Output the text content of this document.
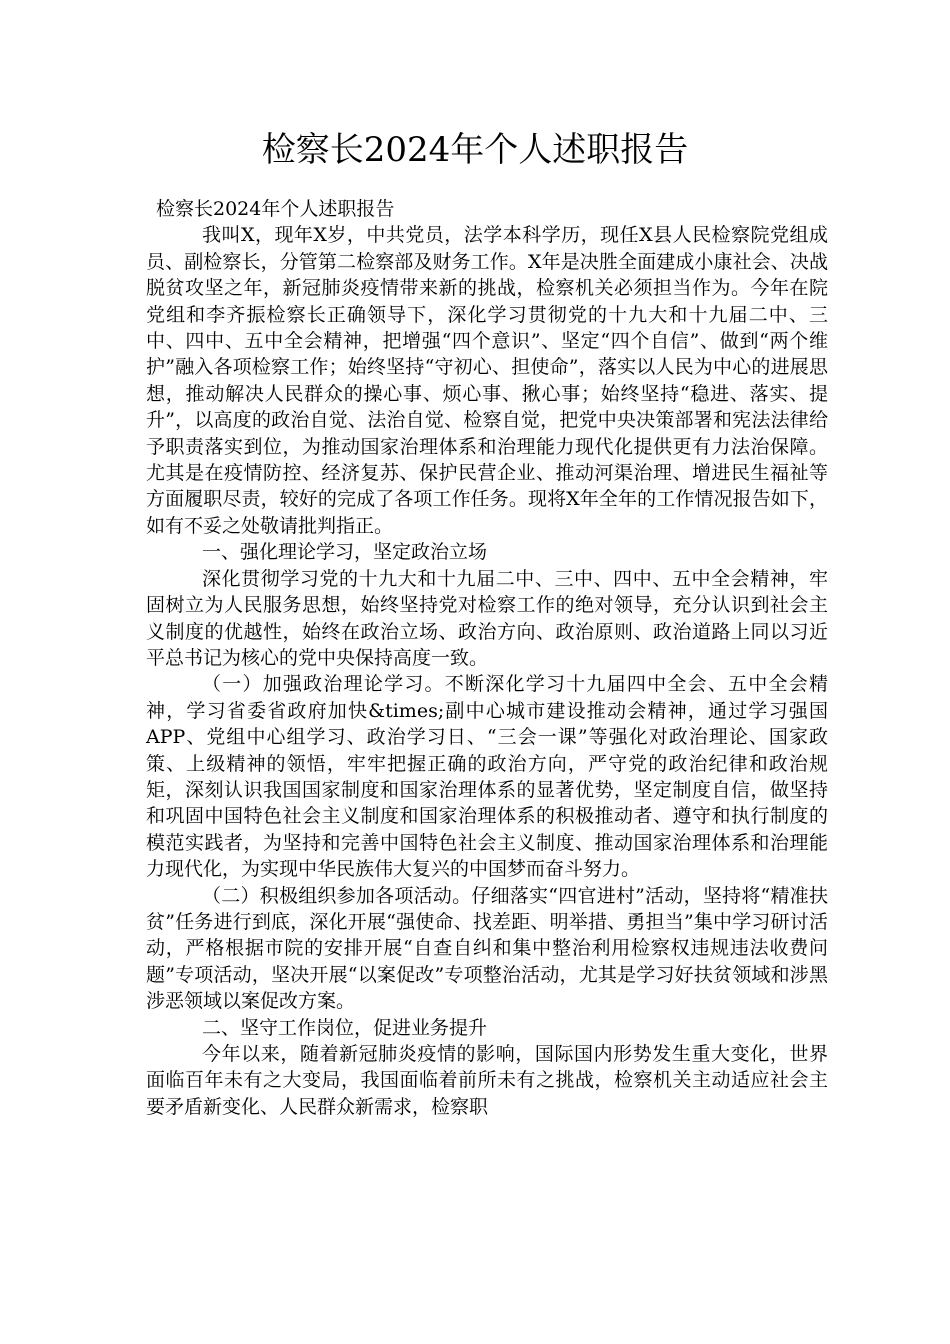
检察长2024年个人述职报告

检察长2024年个人述职报告

我叫X，现年X岁，中共党员，法学本科学历，现任X县人民检察院党组成员、副检察长，分管第二检察部及财务工作。X年是决胜全面建成小康社会、决战脱贫攻坚之年，新冠肺炎疫情带来新的挑战，检察机关必须担当作为。今年在院党组和李齐振检察长正确领导下，深化学习贯彻党的十九大和十九届二中、三中、四中、五中全会精神，把增强“四个意识”、坚定“四个自信”、做到“两个维护”融入各项检察工作；始终坚持“守初心、担使命”，落实以人民为中心的进展思想，推动解决人民群众的操心事、烦心事、揪心事；始终坚持“稳进、落实、提升”，以高度的政治自觉、法治自觉、检察自觉，把党中央决策部署和宪法法律给予职责落实到位，为推动国家治理体系和治理能力现代化提供更有力法治保障。尤其是在疫情防控、经济复苏、保护民营企业、推动河渠治理、增进民生福祉等方面履职尽责，较好的完成了各项工作任务。现将X年全年的工作情况报告如下，如有不妥之处敬请批判指正。

一、强化理论学习，坚定政治立场

深化贯彻学习党的十九大和十九届二中、三中、四中、五中全会精神，牢固树立为人民服务思想，始终坚持党对检察工作的绝对领导，充分认识到社会主义制度的优越性，始终在政治立场、政治方向、政治原则、政治道路上同以习近平总书记为核心的党中央保持高度一致。

（一）加强政治理论学习。不断深化学习十九届四中全会、五中全会精神，学习省委省政府加快&times;副中心城市建设推动会精神，通过学习强国APP、党组中心组学习、政治学习日、“三会一课”等强化对政治理论、国家政策、上级精神的领悟，牢牢把握正确的政治方向，严守党的政治纪律和政治规矩，深刻认识我国国家制度和国家治理体系的显著优势，坚定制度自信，做坚持和巩固中国特色社会主义制度和国家治理体系的积极推动者、遵守和执行制度的模范实践者，为坚持和完善中国特色社会主义制度、推动国家治理体系和治理能力现代化，为实现中华民族伟大复兴的中国梦而奋斗努力。

（二）积极组织参加各项活动。仔细落实“四官进村”活动，坚持将“精准扶贫”任务进行到底，深化开展“强使命、找差距、明举措、勇担当”集中学习研讨活动，严格根据市院的安排开展“自查自纠和集中整治利用检察权违规违法收费问题”专项活动，坚决开展“以案促改”专项整治活动，尤其是学习好扶贫领域和涉黑涉恶领域以案促改方案。

二、坚守工作岗位，促进业务提升

今年以来，随着新冠肺炎疫情的影响，国际国内形势发生重大变化，世界面临百年未有之大变局，我国面临着前所未有之挑战，检察机关主动适应社会主要矛盾新变化、人民群众新需求，检察职
